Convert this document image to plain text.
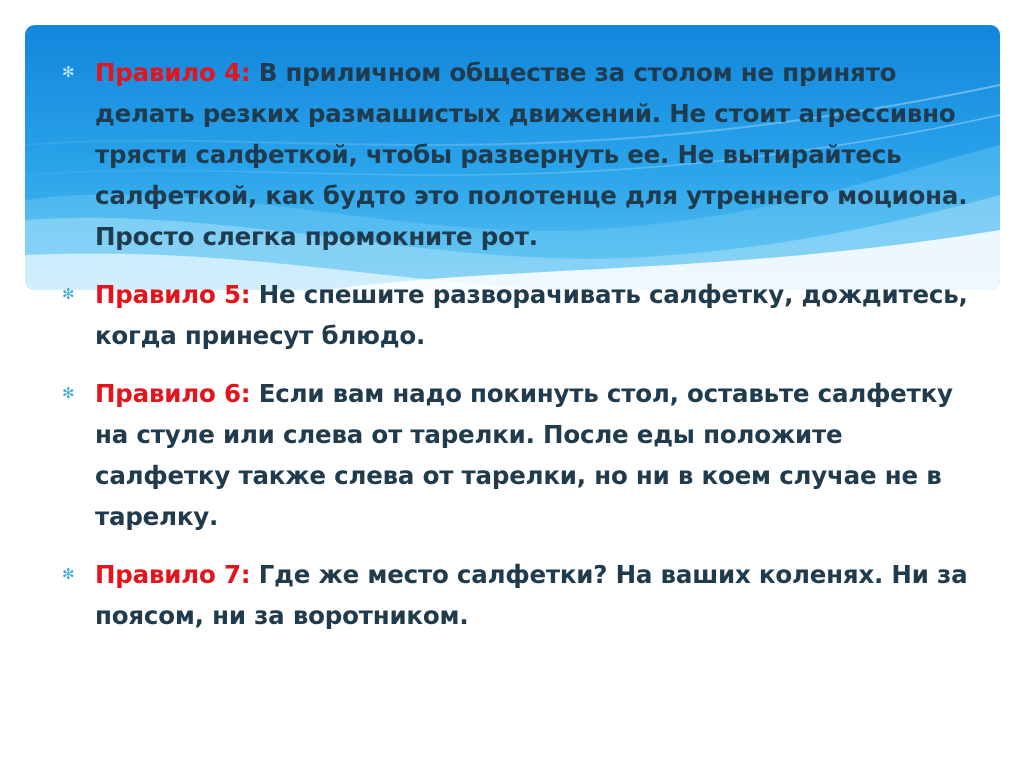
✻ Правило 4: В приличном обществе за столом не принято делать резких размашистых движений. Не стоит агрессивно трясти салфеткой, чтобы развернуть ее. Не вытирайтесь салфеткой, как будто это полотенце для утреннего моциона. Просто слегка промокните рот.
✻ Правило 5: Не спешите разворачивать салфетку, дождитесь, когда принесут блюдо.
✻ Правило 6: Если вам надо покинуть стол, оставьте салфетку на стуле или слева от тарелки. После еды положите салфетку также слева от тарелки, но ни в коем случае не в тарелку.
✻ Правило 7: Где же место салфетки? На ваших коленях. Ни за поясом, ни за воротником.
